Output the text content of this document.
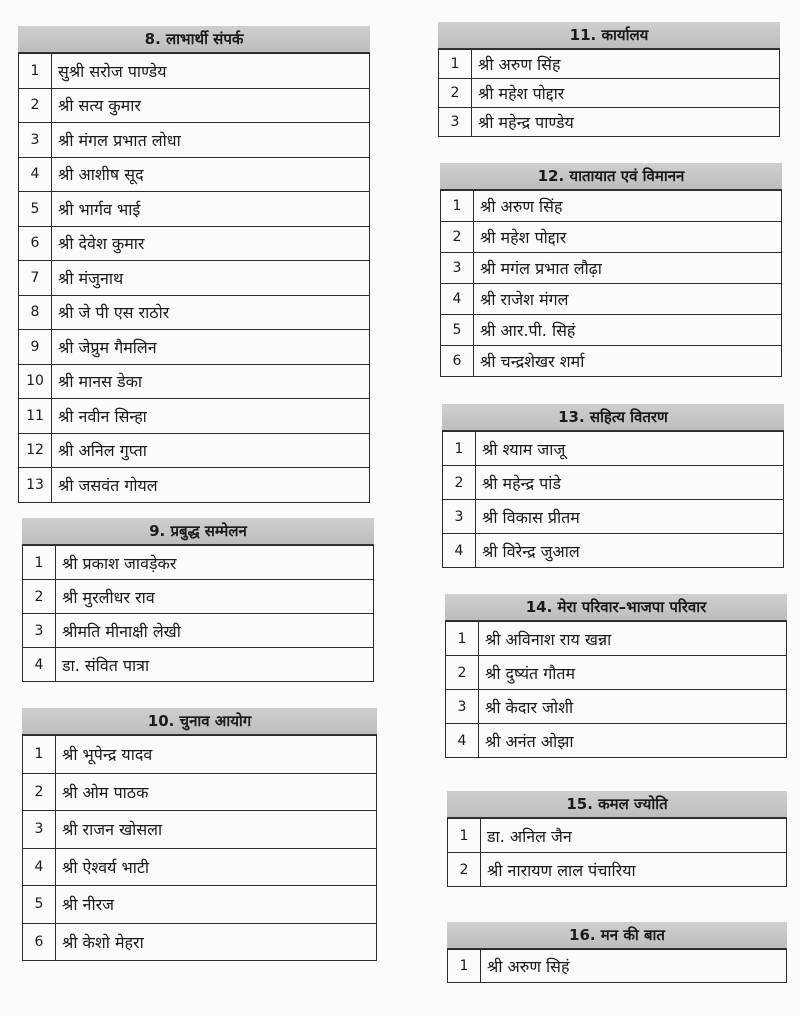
8. लाभार्थी संपर्क
1	सुश्री सरोज पाण्डेय
2	श्री सत्य कुमार
3	श्री मंगल प्रभात लोधा
4	श्री आशीष सूद
5	श्री भार्गव भाई
6	श्री देवेश कुमार
7	श्री मंजुनाथ
8	श्री जे पी एस राठोर
9	श्री जेप्रुम गैमलिन
10	श्री मानस डेका
11	श्री नवीन सिन्हा
12	श्री अनिल गुप्ता
13	श्री जसवंत गोयल
9. प्रबुद्ध सम्मेलन
1	श्री प्रकाश जावड़ेकर
2	श्री मुरलीधर राव
3	श्रीमति मीनाक्षी लेखी
4	डा. संवित पात्रा
10. चुनाव आयोग
1	श्री भूपेन्द्र यादव
2	श्री ओम पाठक
3	श्री राजन खोसला
4	श्री ऐश्वर्य भाटी
5	श्री नीरज
6	श्री केशो मेहरा
11. कार्यालय
1	श्री अरुण सिंह
2	श्री महेश पोद्दार
3	श्री महेन्द्र पाण्डेय
12. यातायात एवं विमानन
1	श्री अरुण सिंह
2	श्री महेश पोद्दार
3	श्री मगंल प्रभात लौढ़ा
4	श्री राजेश मंगल
5	श्री आर.पी. सिहं
6	श्री चन्द्रशेखर शर्मा
13. सहित्य वितरण
1	श्री श्याम जाजू
2	श्री महेन्द्र पांडे
3	श्री विकास प्रीतम
4	श्री विरेन्द्र जुआल
14. मेरा परिवार–भाजपा परिवार
1	श्री अविनाश राय खन्ना
2	श्री दुष्यंत गौतम
3	श्री केदार जोशी
4	श्री अनंत ओझा
15. कमल ज्योति
1	डा. अनिल जैन
2	श्री नारायण लाल पंचारिया
16. मन की बात
1	श्री अरुण सिहं
